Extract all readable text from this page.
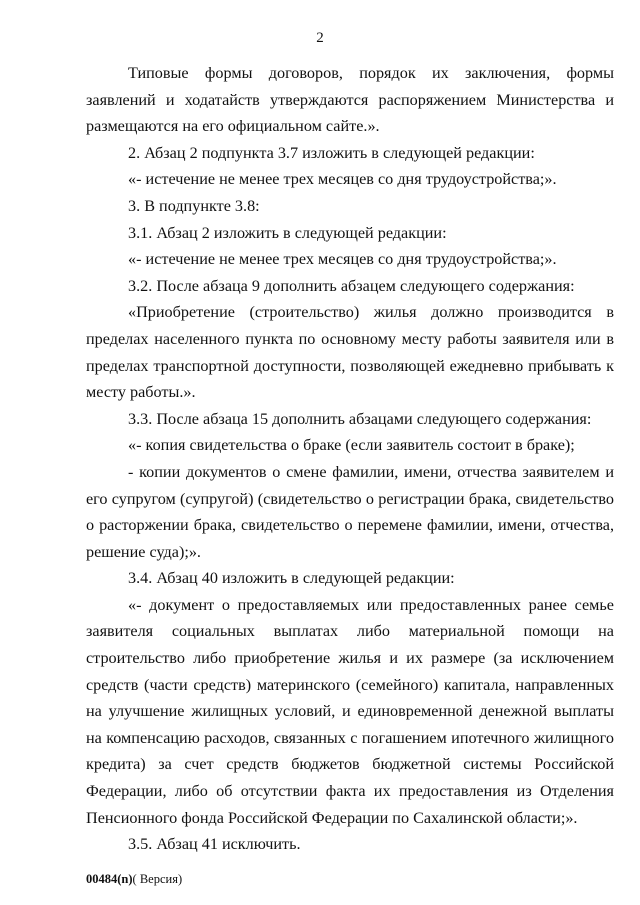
2

Типовые формы договоров, порядок их заключения, формы заявлений и ходатайств утверждаются распоряжением Министерства и размещаются на его официальном сайте.».

2. Абзац 2 подпункта 3.7 изложить в следующей редакции:

«- истечение не менее трех месяцев со дня трудоустройства;».

3. В подпункте 3.8:

3.1. Абзац 2 изложить в следующей редакции:

«- истечение не менее трех месяцев со дня трудоустройства;».

3.2. После абзаца 9 дополнить абзацем следующего содержания:

«Приобретение (строительство) жилья должно производится в пределах населенного пункта по основному месту работы заявителя или в пределах транспортной доступности, позволяющей ежедневно прибывать к месту работы.».

3.3. После абзаца 15 дополнить абзацами следующего содержания:

«- копия свидетельства о браке (если заявитель состоит в браке);

- копии документов о смене фамилии, имени, отчества заявителем и его супругом (супругой) (свидетельство о регистрации брака, свидетельство о расторжении брака, свидетельство о перемене фамилии, имени, отчества, решение суда);».

3.4. Абзац 40 изложить в следующей редакции:

«- документ о предоставляемых или предоставленных ранее семье заявителя социальных выплатах либо материальной помощи на строительство либо приобретение жилья и их размере (за исключением средств (части средств) материнского (семейного) капитала, направленных на улучшение жилищных условий, и единовременной денежной выплаты на компенсацию расходов, связанных с погашением ипотечного жилищного кредита) за счет средств бюджетов бюджетной системы Российской Федерации, либо об отсутствии факта их предоставления из Отделения Пенсионного фонда Российской Федерации по Сахалинской области;».

3.5. Абзац 41 исключить.

00484(n)( Версия)
